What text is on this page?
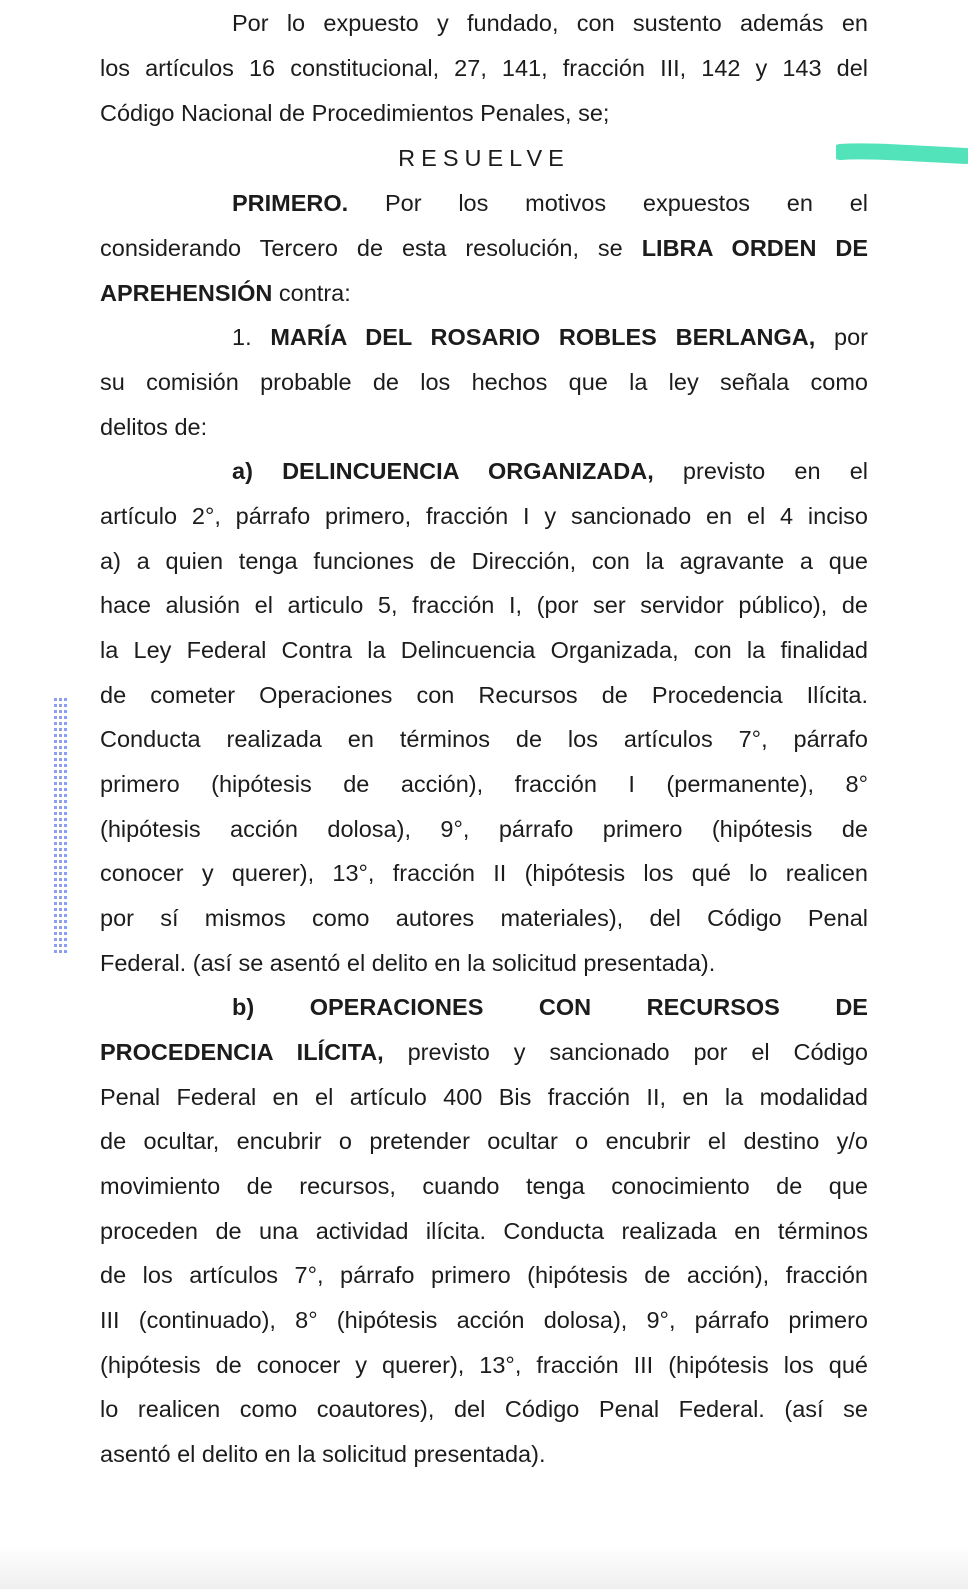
Por lo expuesto y fundado, con sustento además en
los artículos 16 constitucional, 27, 141, fracción III, 142 y 143 del
Código Nacional de Procedimientos Penales, se;
RESUELVE
PRIMERO. Por los motivos expuestos en el
considerando Tercero de esta resolución, se LIBRA ORDEN DE
APREHENSIÓN contra:
1. MARÍA DEL ROSARIO ROBLES BERLANGA, por
su comisión probable de los hechos que la ley señala como
delitos de:
a) DELINCUENCIA ORGANIZADA, previsto en el
artículo 2°, párrafo primero, fracción I y sancionado en el 4 inciso
a) a quien tenga funciones de Dirección, con la agravante a que
hace alusión el articulo 5, fracción I, (por ser servidor público), de
la Ley Federal Contra la Delincuencia Organizada, con la finalidad
de cometer Operaciones con Recursos de Procedencia Ilícita.
Conducta realizada en términos de los artículos 7°, párrafo
primero (hipótesis de acción), fracción I (permanente), 8°
(hipótesis acción dolosa), 9°, párrafo primero (hipótesis de
conocer y querer), 13°, fracción II (hipótesis los qué lo realicen
por sí mismos como autores materiales), del Código Penal
Federal. (así se asentó el delito en la solicitud presentada).
b) OPERACIONES CON RECURSOS DE
PROCEDENCIA ILÍCITA, previsto y sancionado por el Código
Penal Federal en el artículo 400 Bis fracción II, en la modalidad
de ocultar, encubrir o pretender ocultar o encubrir el destino y/o
movimiento de recursos, cuando tenga conocimiento de que
proceden de una actividad ilícita. Conducta realizada en términos
de los artículos 7°, párrafo primero (hipótesis de acción), fracción
III (continuado), 8° (hipótesis acción dolosa), 9°, párrafo primero
(hipótesis de conocer y querer), 13°, fracción III (hipótesis los qué
lo realicen como coautores), del Código Penal Federal. (así se
asentó el delito en la solicitud presentada).
